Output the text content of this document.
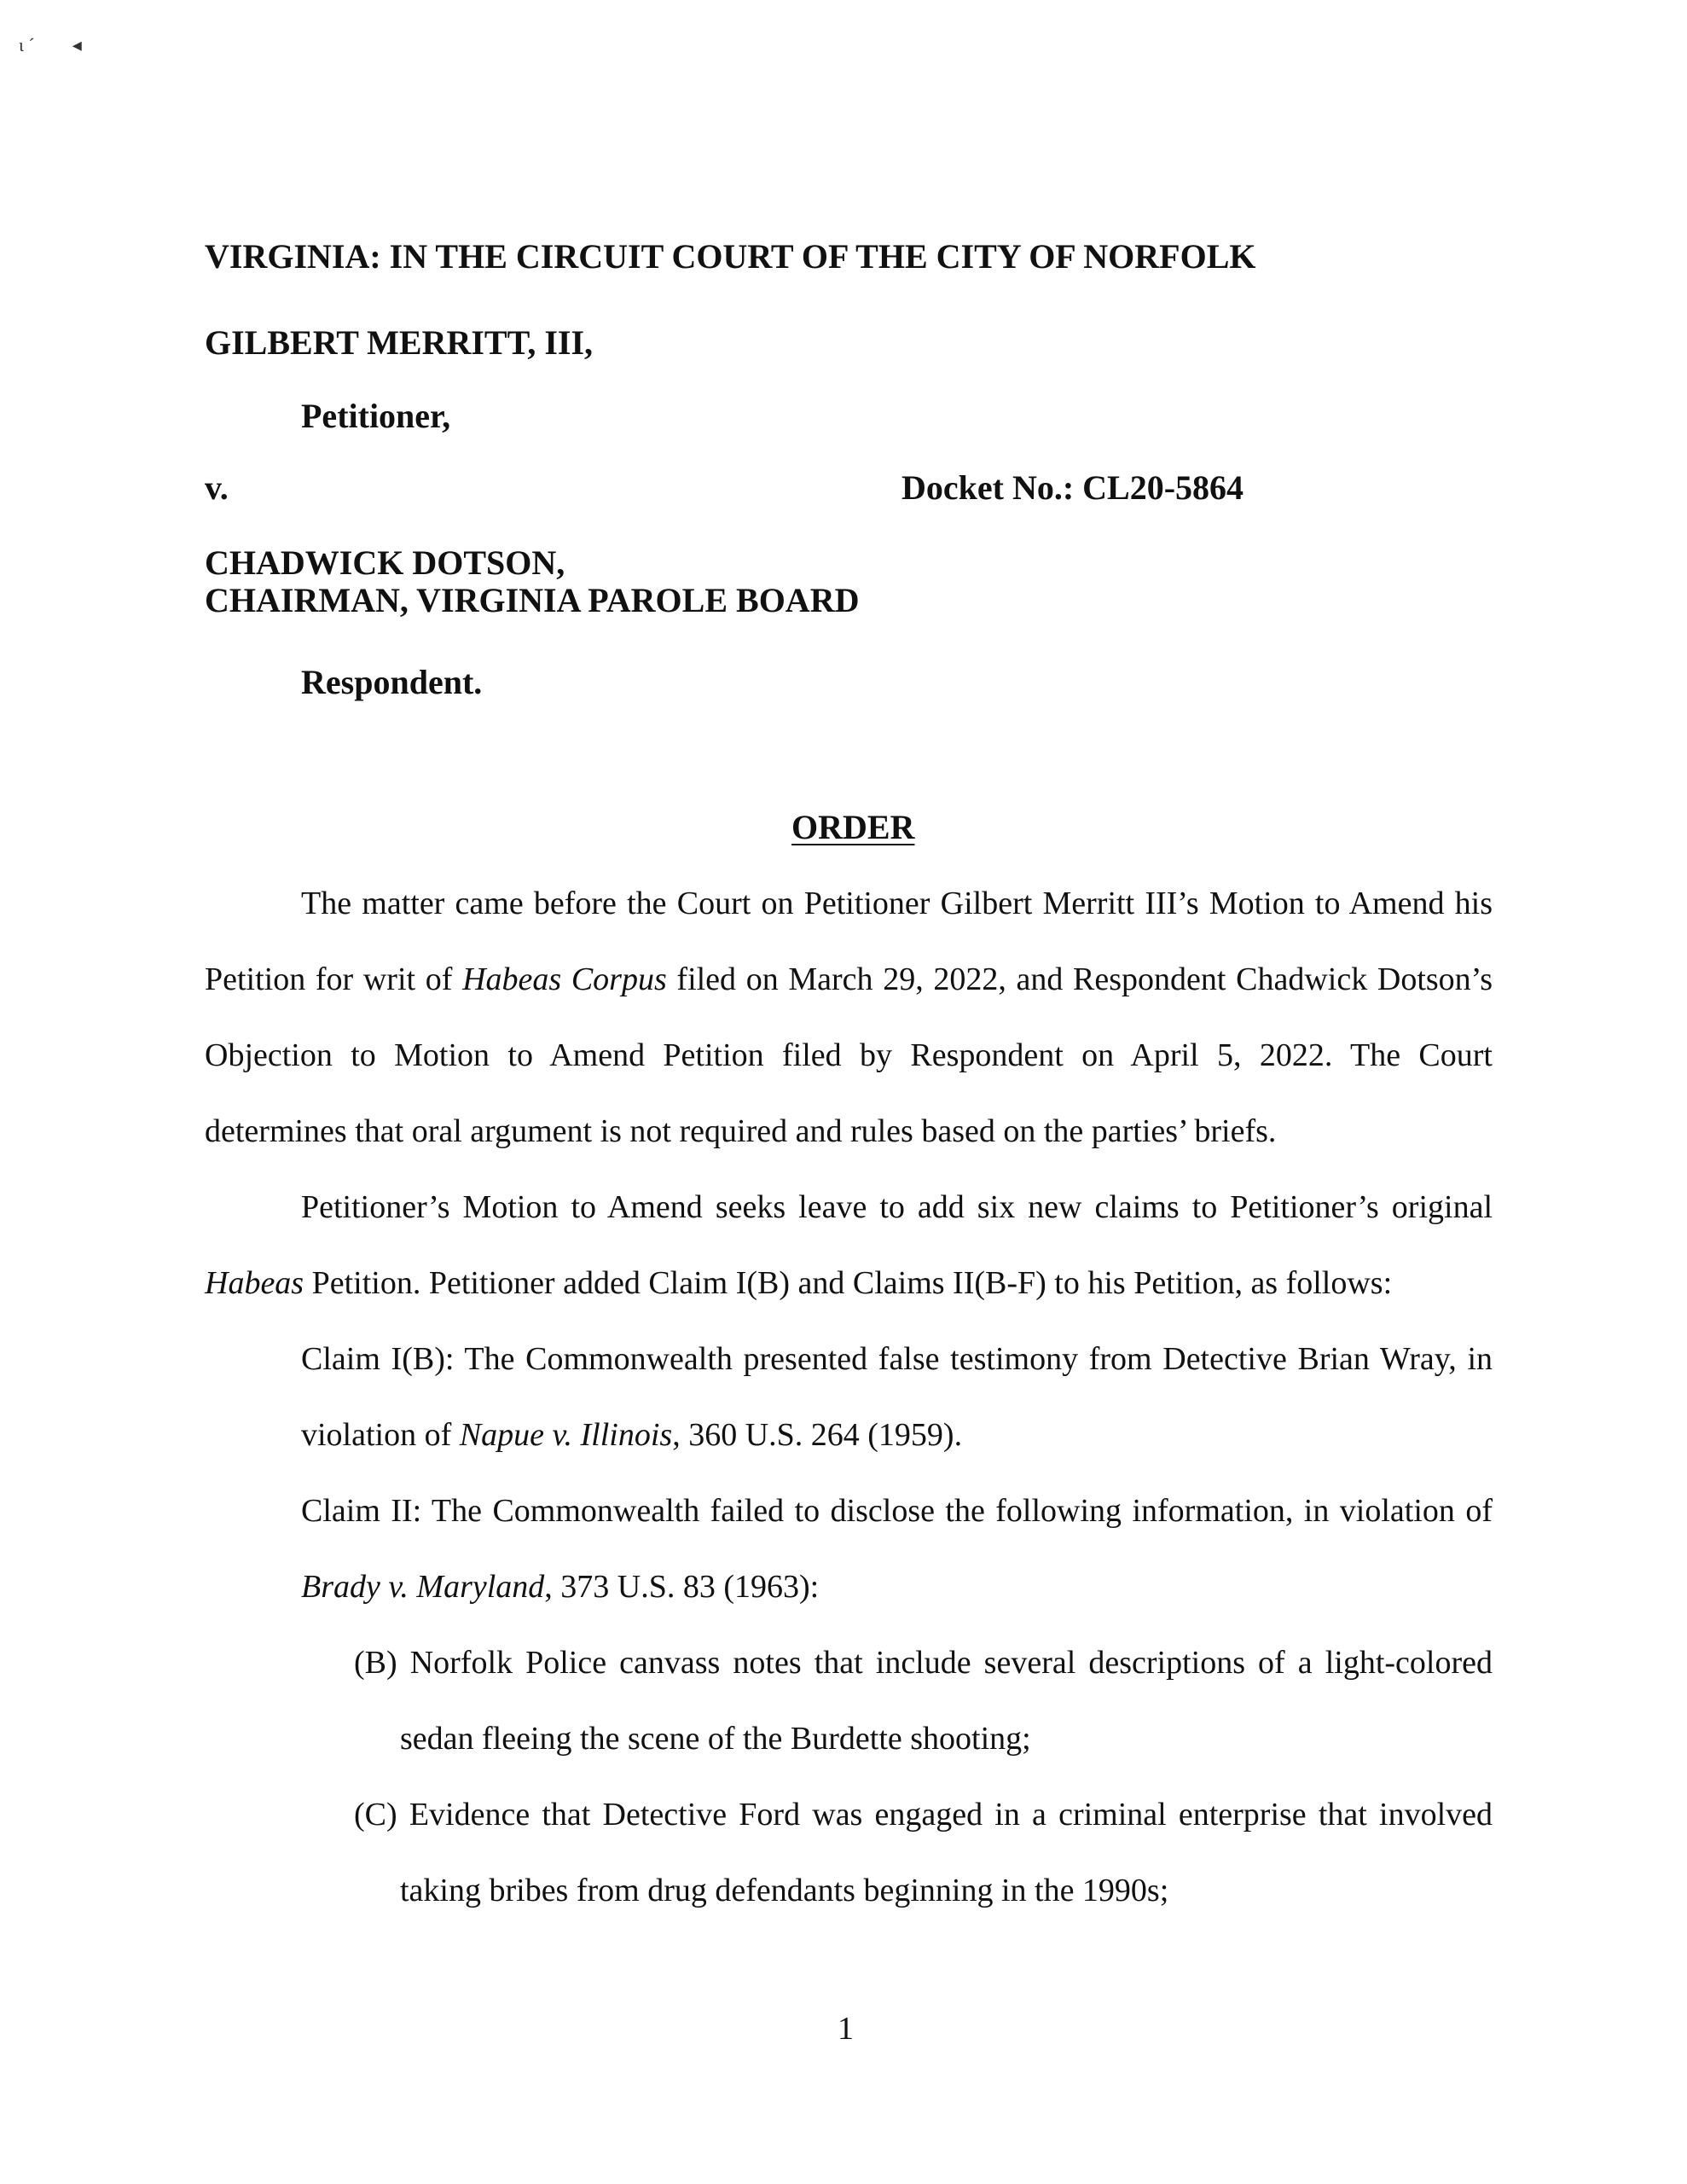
ɩ ˊ        ◂
VIRGINIA: IN THE CIRCUIT COURT OF THE CITY OF NORFOLK
GILBERT MERRITT, III,
Petitioner,
v.	Docket No.: CL20-5864
CHADWICK DOTSON,
CHAIRMAN, VIRGINIA PAROLE BOARD
Respondent.
ORDER
The matter came before the Court on Petitioner Gilbert Merritt III’s Motion to Amend his
Petition for writ of Habeas Corpus filed on March 29, 2022, and Respondent Chadwick Dotson’s
Objection to Motion to Amend Petition filed by Respondent on April 5, 2022. The Court
determines that oral argument is not required and rules based on the parties’ briefs.
Petitioner’s Motion to Amend seeks leave to add six new claims to Petitioner’s original
Habeas Petition. Petitioner added Claim I(B) and Claims II(B-F) to his Petition, as follows:
Claim I(B): The Commonwealth presented false testimony from Detective Brian Wray, in
violation of Napue v. Illinois, 360 U.S. 264 (1959).
Claim II: The Commonwealth failed to disclose the following information, in violation of
Brady v. Maryland, 373 U.S. 83 (1963):
(B) Norfolk Police canvass notes that include several descriptions of a light-colored
sedan fleeing the scene of the Burdette shooting;
(C) Evidence that Detective Ford was engaged in a criminal enterprise that involved
taking bribes from drug defendants beginning in the 1990s;
1
